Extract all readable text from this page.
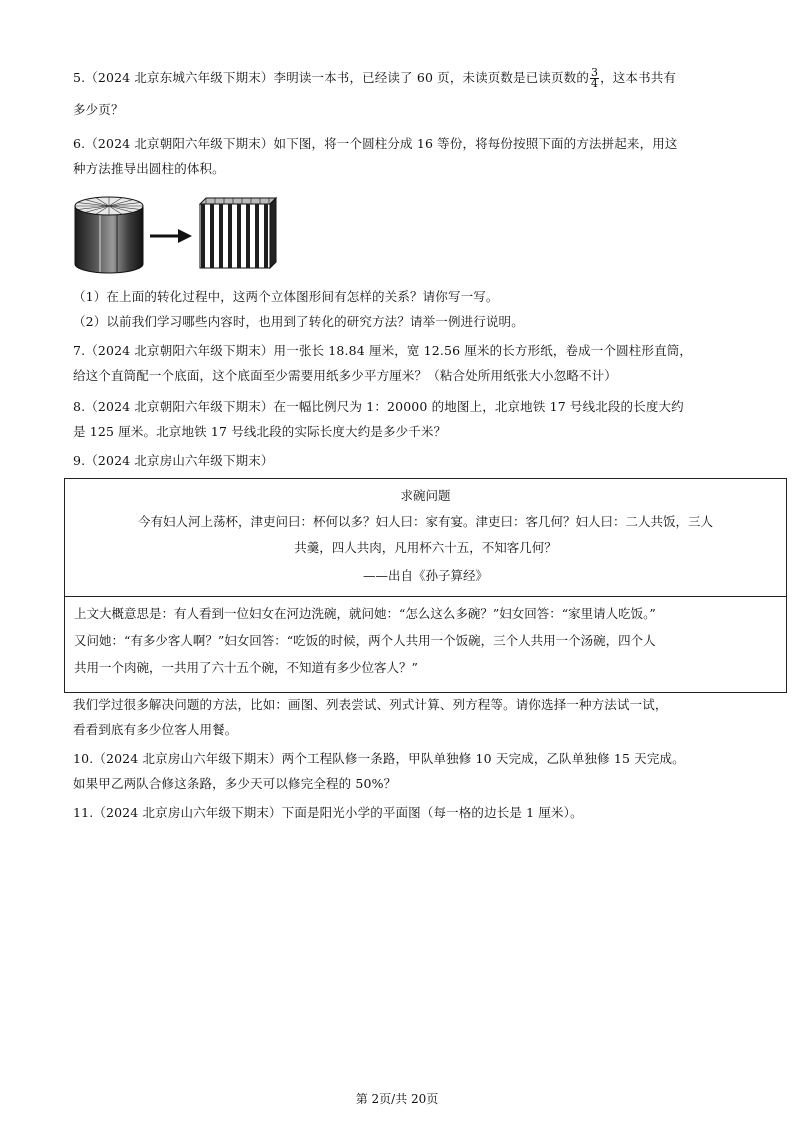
5.（2024 北京东城六年级下期末）李明读一本书，已经读了 60 页，未读页数是已读页数的 $\frac{3}{4}$ ，这本书共有
多少页？
6.（2024 北京朝阳六年级下期末）如下图，将一个圆柱分成 16 等份，将每份按照下面的方法拼起来，用这
种方法推导出圆柱的体积。
（1）在上面的转化过程中，这两个立体图形间有怎样的关系？请你写一写。
（2）以前我们学习哪些内容时，也用到了转化的研究方法？请举一例进行说明。
7.（2024 北京朝阳六年级下期末）用一张长 18.84 厘米，宽 12.56 厘米的长方形纸，卷成一个圆柱形直筒，
给这个直筒配一个底面，这个底面至少需要用纸多少平方厘米？（粘合处所用纸张大小忽略不计）
8.（2024 北京朝阳六年级下期末）在一幅比例尺为 1：20000 的地图上，北京地铁 17 号线北段的长度大约
是 125 厘米。北京地铁 17 号线北段的实际长度大约是多少千米？
9.（2024 北京房山六年级下期末）
求碗问题
今有妇人河上荡杯，津吏问曰：杯何以多？妇人曰：家有宴。津吏曰：客几何？妇人曰：二人共饭，三人
共羹，四人共肉，凡用杯六十五，不知客几何？
——出自《孙子算经》
上文大概意思是：有人看到一位妇女在河边洗碗，就问她：“怎么这么多碗？”妇女回答：“家里请人吃饭。”
又问她：“有多少客人啊？”妇女回答：“吃饭的时候，两个人共用一个饭碗，三个人共用一个汤碗，四个人
共用一个肉碗，一共用了六十五个碗，不知道有多少位客人？”
我们学过很多解决问题的方法，比如：画图、列表尝试、列式计算、列方程等。请你选择一种方法试一试，
看看到底有多少位客人用餐。
10.（2024 北京房山六年级下期末）两个工程队修一条路，甲队单独修 10 天完成，乙队单独修 15 天完成。
如果甲乙两队合修这条路，多少天可以修完全程的 50%？
11.（2024 北京房山六年级下期末）下面是阳光小学的平面图（每一格的边长是 1 厘米）。
第 2页/共 20页
